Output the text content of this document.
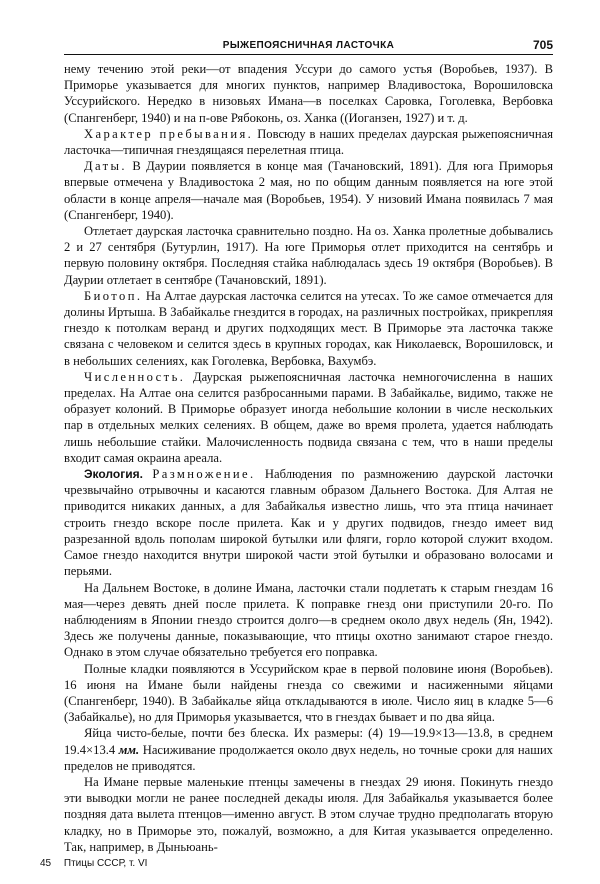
РЫЖЕПОЯСНИЧНАЯ ЛАСТОЧКА	705

нему течению этой реки—от впадения Уссури до самого устья (Воробьев, 1937). В Приморье указывается для многих пунктов, например Владивостока, Ворошиловска Уссурийского. Нередко в низовьях Имана—в поселках Саровка, Гоголевка, Вербовка (Спангенберг, 1940) и на п-ове Рябоконь, оз. Ханка ((Иоганзен, 1927) и т. д.

Характер пребывания. Повсюду в наших пределах даурская рыжепоясничная ласточка—типичная гнездящаяся перелетная птица.

Даты. В Даурии появляется в конце мая (Тачановский, 1891). Для юга Приморья впервые отмечена у Владивостока 2 мая, но по общим данным появляется на юге этой области в конце апреля—начале мая (Воробьев, 1954). У низовий Имана появилась 7 мая (Спангенберг, 1940).

Отлетает даурская ласточка сравнительно поздно. На оз. Ханка пролетные добывались 2 и 27 сентября (Бутурлин, 1917). На юге Приморья отлет приходится на сентябрь и первую половину октября. Последняя стайка наблюдалась здесь 19 октября (Воробьев). В Даурии отлетает в сентябре (Тачановский, 1891).

Биотоп. На Алтае даурская ласточка селится на утесах. То же самое отмечается для долины Иртыша. В Забайкалье гнездится в городах, на различных постройках, прикрепляя гнездо к потолкам веранд и других подходящих мест. В Приморье эта ласточка также связана с человеком и селится здесь в крупных городах, как Николаевск, Ворошиловск, и в небольших селениях, как Гоголевка, Вербовка, Вахумбэ.

Численность. Даурская рыжепоясничная ласточка немногочисленна в наших пределах. На Алтае она селится разбросанными парами. В Забайкалье, видимо, также не образует колоний. В Приморье образует иногда небольшие колонии в числе нескольких пар в отдельных мелких селениях. В общем, даже во время пролета, удается наблюдать лишь небольшие стайки. Малочисленность подвида связана с тем, что в наши пределы входит самая окраина ареала.

Экология. Размножение. Наблюдения по размножению даурской ласточки чрезвычайно отрывочны и касаются главным образом Дальнего Востока. Для Алтая не приводится никаких данных, а для Забайкалья известно лишь, что эта птица начинает строить гнездо вскоре после прилета. Как и у других подвидов, гнездо имеет вид разрезанной вдоль пополам широкой бутылки или фляги, горло которой служит входом. Самое гнездо находится внутри широкой части этой бутылки и образовано волосами и перьями.

На Дальнем Востоке, в долине Имана, ласточки стали подлетать к старым гнездам 16 мая—через девять дней после прилета. К поправке гнезд они приступили 20-го. По наблюдениям в Японии гнездо строится долго—в среднем около двух недель (Ян, 1942). Здесь же получены данные, показывающие, что птицы охотно занимают старое гнездо. Однако в этом случае обязательно требуется его поправка.

Полные кладки появляются в Уссурийском крае в первой половине июня (Воробьев). 16 июня на Имане были найдены гнезда со свежими и насиженными яйцами (Спангенберг, 1940). В Забайкалье яйца откладываются в июле. Число яиц в кладке 5—6 (Забайкалье), но для Приморья указывается, что в гнездах бывает и по два яйца.

Яйца чисто-белые, почти без блеска. Их размеры: (4) 19—19.9×13—13.8, в среднем 19.4×13.4 мм. Насиживание продолжается около двух недель, но точные сроки для наших пределов не приводятся.

На Имане первые маленькие птенцы замечены в гнездах 29 июня. Покинуть гнездо эти выводки могли не ранее последней декады июля. Для Забайкалья указывается более поздняя дата вылета птенцов—именно август. В этом случае трудно предполагать вторую кладку, но в Приморье это, пожалуй, возможно, а для Китая указывается определенно. Так, например, в Дыньюань-

45 Птицы СССР, т. VI
